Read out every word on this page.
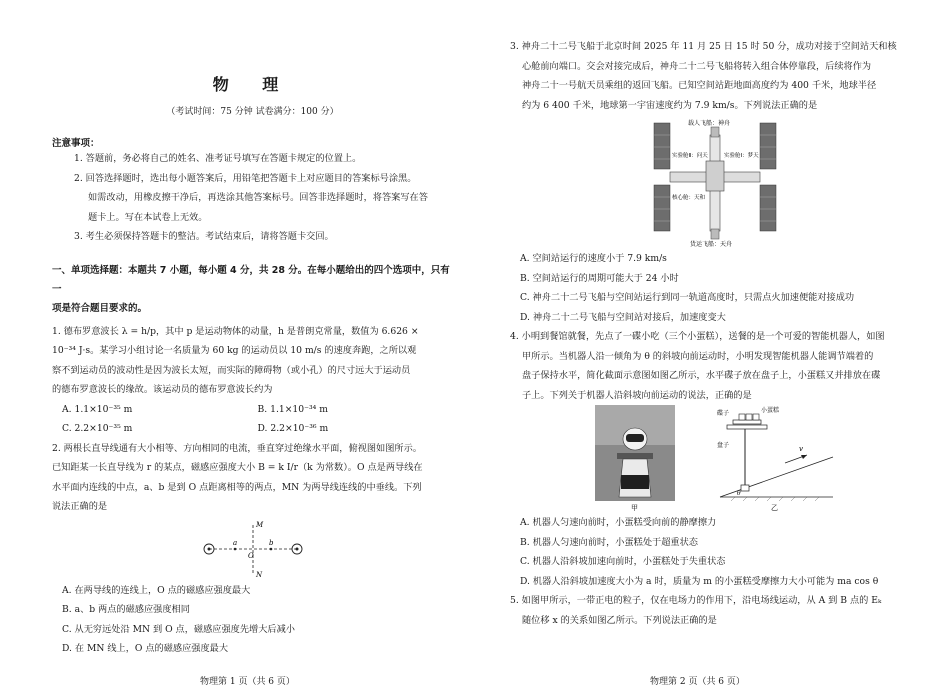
物 理
（考试时间：75 分钟 试卷满分：100 分）
注意事项：

1. 答题前，务必将自己的姓名、准考证号填写在答题卡规定的位置上。

2. 回答选择题时，选出每小题答案后，用铅笔把答题卡上对应题目的答案标号涂黑。

如需改动，用橡皮擦干净后，再选涂其他答案标号。回答非选择题时，将答案写在答

题卡上。写在本试卷上无效。

3. 考生必须保持答题卡的整洁。考试结束后，请将答题卡交回。

一、单项选择题：本题共 7 小题，每小题 4 分，共 28 分。在每小题给出的四个选项中，只有一
项是符合题目要求的。

1. 德布罗意波长 λ = h/p，其中 p 是运动物体的动量，h 是普朗克常量，数值为 6.626 ×

10⁻³⁴ J·s。某学习小组讨论一名质量为 60 kg 的运动员以 10 m/s 的速度奔跑，之所以观

察不到运动员的波动性是因为波长太短，而实际的障碍物（或小孔）的尺寸远大于运动员

的德布罗意波长的缘故。该运动员的德布罗意波长约为

A. 1.1×10⁻³⁵ m	B. 1.1×10⁻³⁴ m
C. 2.2×10⁻³⁵ m	D. 2.2×10⁻³⁶ m

2. 两根长直导线通有大小相等、方向相同的电流，垂直穿过绝缘水平面，俯视图如图所示。

已知距某一长直导线为 r 的某点，磁感应强度大小 B = k I/r（k 为常数）。O 点是两导线在

水平面内连线的中点，a、b 是到 O 点距离相等的两点，MN 为两导线连线的中垂线。下列

说法正确的是

M
N
a	b
O

A. 在两导线的连线上，O 点的磁感应强度最大

B. a、b 两点的磁感应强度相同

C. 从无穷远处沿 MN 到 O 点，磁感应强度先增大后减小

D. 在 MN 线上，O 点的磁感应强度最大

物理第 1 页（共 6 页）

3. 神舟二十二号飞船于北京时间 2025 年 11 月 25 日 15 时 50 分，成功对接于空间站天和核

心舱前向端口。交会对接完成后，神舟二十二号飞船将转入组合体停靠段，后续将作为

神舟二十一号航天员乘组的返回飞船。已知空间站距地面高度约为 400 千米，地球半径

约为 6 400 千米，地球第一宇宙速度约为 7.9 km/s。下列说法正确的是

载人飞船：神舟
实验舱Ⅱ：问天	实验舱Ⅰ：梦天
核心舱：天和
货运飞船：天舟

A. 空间站运行的速度小于 7.9 km/s

B. 空间站运行的周期可能大于 24 小时

C. 神舟二十二号飞船与空间站运行到同一轨道高度时，只需点火加速便能对接成功

D. 神舟二十二号飞船与空间站对接后，加速度变大

4. 小明到餐馆就餐，先点了一碟小吃（三个小蛋糕），送餐的是一个可爱的智能机器人，如图

甲所示。当机器人沿一倾角为 θ 的斜坡向前运动时，小明发现智能机器人能调节端着的

盘子保持水平，简化截面示意图如图乙所示，水平碟子放在盘子上，小蛋糕又并排放在碟

子上。下列关于机器人沿斜坡向前运动的说法，正确的是

甲
碟子	小蛋糕
盘子	v
θ
乙

A. 机器人匀速向前时，小蛋糕受向前的静摩擦力

B. 机器人匀速向前时，小蛋糕处于超重状态

C. 机器人沿斜坡加速向前时，小蛋糕处于失重状态

D. 机器人沿斜坡加速度大小为 a 时，质量为 m 的小蛋糕受摩擦力大小可能为 ma cos θ

5. 如图甲所示，一带正电的粒子，仅在电场力的作用下，沿电场线运动，从 A 到 B 点的 Eₖ

随位移 x 的关系如图乙所示。下列说法正确的是

物理第 2 页（共 6 页）
